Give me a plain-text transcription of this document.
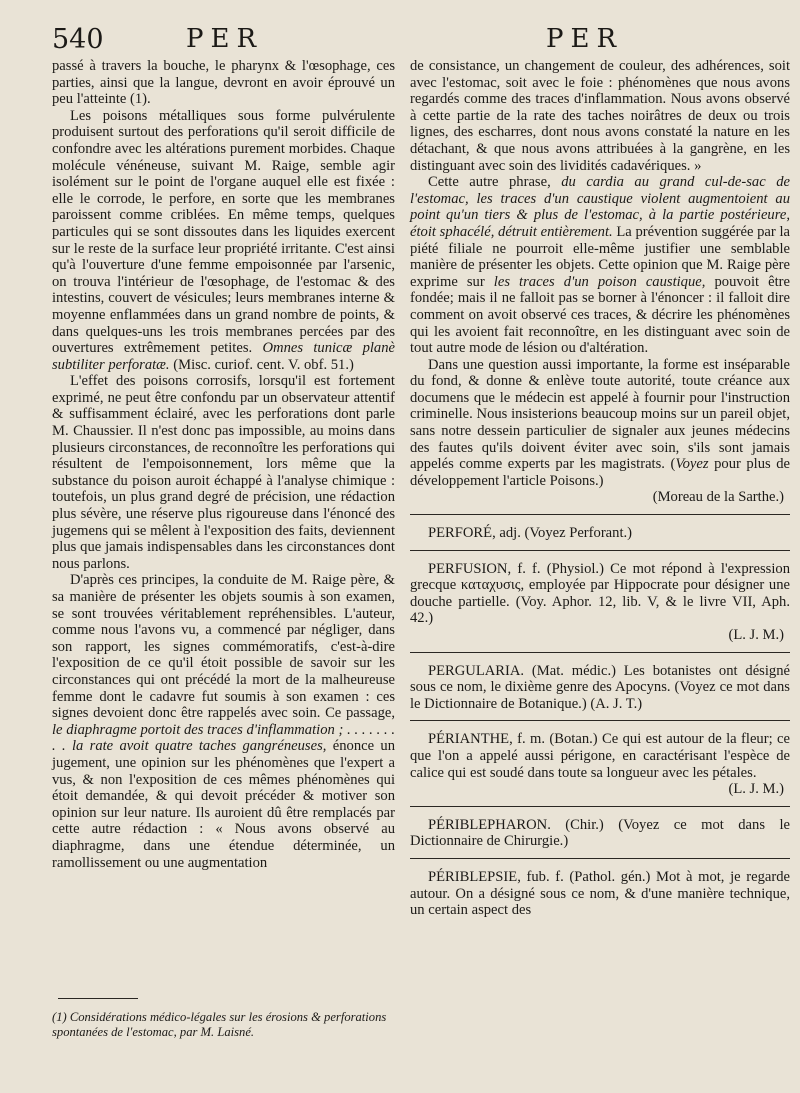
540	PER	PER

passé à travers la bouche, le pharynx & l'œsophage, ces parties, ainsi que la langue, devront en avoir éprouvé un peu l'atteinte (1).

Les poisons métalliques sous forme pulvérulente produisent surtout des perforations qu'il seroit difficile de confondre avec les altérations purement morbides. Chaque molécule vénéneuse, suivant M. Raige, semble agir isolément sur le point de l'organe auquel elle est fixée : elle le corrode, le perfore, en sorte que les membranes paroissent comme criblées. En même temps, quelques particules qui se sont dissoutes dans les liquides exercent sur le reste de la surface leur propriété irritante. C'est ainsi qu'à l'ouverture d'une femme empoisonnée par l'arsenic, on trouva l'intérieur de l'œsophage, de l'estomac & des intestins, couvert de vésicules; leurs membranes interne & moyenne enflammées dans un grand nombre de points, & dans quelques-uns les trois membranes percées par des ouvertures extrêmement petites. Omnes tunicæ planè subtiliter perforatæ. (Misc. curiof. cent. V. obf. 51.)

L'effet des poisons corrosifs, lorsqu'il est fortement exprimé, ne peut être confondu par un observateur attentif & suffisamment éclairé, avec les perforations dont parle M. Chaussier. Il n'est donc pas impossible, au moins dans plusieurs circonstances, de reconnoître les perforations qui résultent de l'empoisonnement, lors même que la substance du poison auroit échappé à l'analyse chimique : toutefois, un plus grand degré de précision, une rédaction plus sévère, une réserve plus rigoureuse dans l'énoncé des jugemens qui se mêlent à l'exposition des faits, deviennent plus que jamais indispensables dans les circonstances dont nous parlons.

D'après ces principes, la conduite de M. Raige père, & sa manière de présenter les objets soumis à son examen, se sont trouvées véritablement repréhensibles. L'auteur, comme nous l'avons vu, a commencé par négliger, dans son rapport, les signes commémoratifs, c'est-à-dire l'exposition de ce qu'il étoit possible de savoir sur les circonstances qui ont précédé la mort de la malheureuse femme dont le cadavre fut soumis à son examen : ces signes devoient donc être rappelés avec soin. Ce passage, le diaphragme portoit des traces d'inflammation ; . . . . . . . . . la rate avoit quatre taches gangréneuses, énonce un jugement, une opinion sur les phénomènes que l'expert a vus, & non l'exposition de ces mêmes phénomènes qui étoit demandée, & qui devoit précéder & motiver son opinion sur leur nature. Ils auroient dû être remplacés par cette autre rédaction : « Nous avons observé au diaphragme, dans une étendue déterminée, un ramollissement ou une augmentation

(1) Considérations médico-légales sur les érosions & perforations spontanées de l'estomac, par M. Laisné.

de consistance, un changement de couleur, des adhérences, soit avec l'estomac, soit avec le foie : phénomènes que nous avons regardés comme des traces d'inflammation. Nous avons observé à cette partie de la rate des taches noirâtres de deux ou trois lignes, des escharres, dont nous avons constaté la nature en les détachant, & que nous avons attribuées à la gangrène, en les distinguant avec soin des lividités cadavériques. »

Cette autre phrase, du cardia au grand cul-de-sac de l'estomac, les traces d'un caustique violent augmentoient au point qu'un tiers & plus de l'estomac, à la partie postérieure, étoit sphacélé, détruit entièrement. La prévention suggérée par la piété filiale ne pourroit elle-même justifier une semblable manière de présenter les objets. Cette opinion que M. Raige père exprime sur les traces d'un poison caustique, pouvoit être fondée; mais il ne falloit pas se borner à l'énoncer : il falloit dire comment on avoit observé ces traces, & décrire les phénomènes qui les avoient fait reconnoître, en les distinguant avec soin de tout autre mode de lésion ou d'altération.

Dans une question aussi importante, la forme est inséparable du fond, & donne & enlève toute autorité, toute créance aux documens que le médecin est appelé à fournir pour l'instruction criminelle. Nous insisterions beaucoup moins sur un pareil objet, sans notre dessein particulier de signaler aux jeunes médecins des fautes qu'ils doivent éviter avec soin, s'ils sont jamais appelés comme experts par les magistrats. (Voyez pour plus de développement l'article Poisons.)

(Moreau de la Sarthe.)

PERFORÉ, adj. (Voyez Perforant.)

PERFUSION, f. f. (Physiol.) Ce mot répond à l'expression grecque καταχυσις, employée par Hippocrate pour désigner une douche partielle. (Voy. Aphor. 12, lib. V, & le livre VII, Aph. 42.)

(L. J. M.)

PERGULARIA. (Mat. médic.) Les botanistes ont désigné sous ce nom, le dixième genre des Apocyns. (Voyez ce mot dans le Dictionnaire de Botanique.) (A. J. T.)

PÉRIANTHE, f. m. (Botan.) Ce qui est autour de la fleur; ce que l'on a appelé aussi périgone, en caractérisant l'espèce de calice qui est soudé dans toute sa longueur avec les pétales.

(L. J. M.)

PÉRIBLEPHARON. (Chir.) (Voyez ce mot dans le Dictionnaire de Chirurgie.)

PÉRIBLEPSIE, fub. f. (Pathol. gén.) Mot à mot, je regarde autour. On a désigné sous ce nom, & d'une manière technique, un certain aspect des
